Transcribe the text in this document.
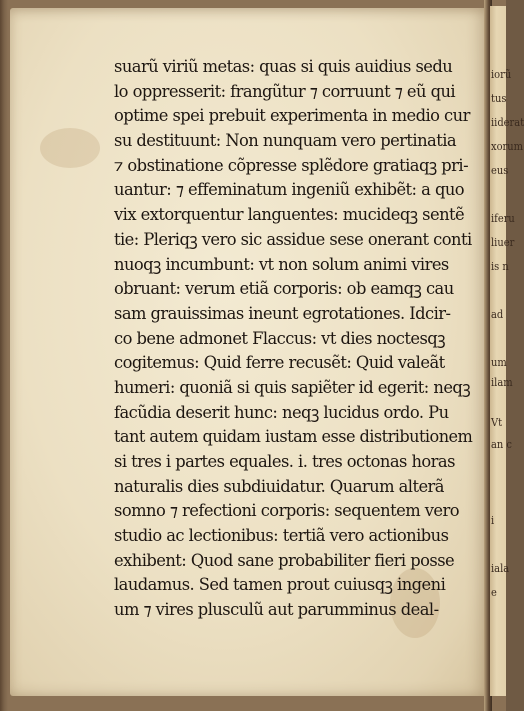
iorũ
tus
iiderat
xorum
eus
iferu
liuer
is n
ad
um
ilam
Vt
an c
i
iala
e
suarũ viriũ metas: quas si quis auidius sedu
lo oppresserit: frangũtur ⁊ corruunt ⁊ eũ qui
optime spei prebuit experimenta in medio cur
su destituunt: Non nunquam vero pertinatia
⁊ obstinatione cõpresse splẽdore gratiaqꝫ pri-
uantur: ⁊ effeminatum ingeniũ exhibẽt: a quo
vix extorquentur languentes: mucideqꝫ sentẽ
tie: Pleriqꝫ vero sic assidue sese onerant conti
nuoqꝫ incumbunt: vt non solum animi vires
obruant: verum etiã corporis: ob eamqꝫ cau
sam grauissimas ineunt egrotationes. Idcir-
co bene admonet Flaccus: vt dies noctesqꝫ
cogitemus: Quid ferre recusẽt: Quid valeãt
humeri: quoniã si quis sapiẽter id egerit: neqꝫ
facũdia deserit hunc: neqꝫ lucidus ordo. Pu
tant autem quidam iustam esse distributionem
si tres i partes equales. i. tres octonas horas
naturalis dies subdiuidatur. Quarum alterã
somno ⁊ refectioni corporis: sequentem vero
studio ac lectionibus: tertiã vero actionibus
exhibent: Quod sane probabiliter fieri posse
laudamus. Sed tamen prout cuiusqꝫ ingeni
um ⁊ vires plusculũ aut parumminus deal-
